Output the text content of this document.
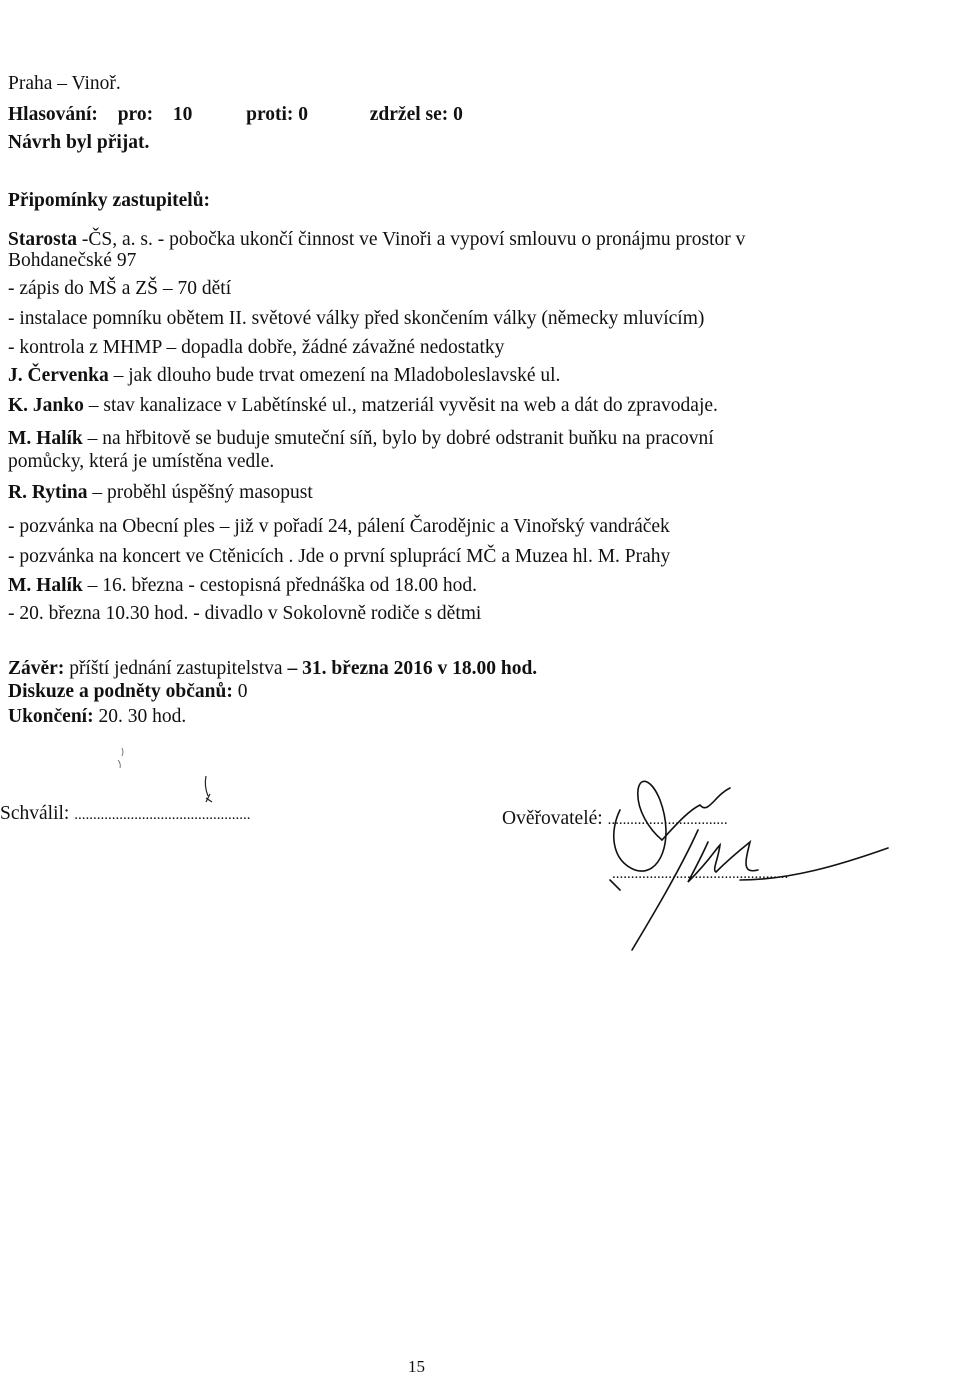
Praha – Vinoř.
Hlasování: pro: 10	proti: 0	zdržel se: 0
Návrh byl přijat.
Připomínky zastupitelů:
Starosta -ČS, a. s. - pobočka ukončí činnost ve Vinoři a vypoví smlouvu o pronájmu prostor v
Bohdanečské 97
- zápis do MŠ a ZŠ – 70 dětí
- instalace pomníku obětem II. světové války před skončením války (německy mluvícím)
- kontrola z MHMP – dopadla dobře, žádné závažné nedostatky
J. Červenka – jak dlouho bude trvat omezení na Mladoboleslavské ul.
K. Janko – stav kanalizace v Labětínské ul., matzeriál vyvěsit na web a dát do zpravodaje.
M. Halík – na hřbitově se buduje smuteční síň, bylo by dobré odstranit buňku na pracovní
pomůcky, která je umístěna vedle.
R. Rytina – proběhl úspěšný masopust
- pozvánka na Obecní ples – již v pořadí 24, pálení Čarodějnic a Vinořský vandráček
- pozvánka na koncert ve Ctěnicích . Jde o první spluprácí MČ a Muzea hl. M. Prahy
M. Halík – 16. března - cestopisná přednáška od 18.00 hod.
- 20. března 10.30 hod. - divadlo v Sokolovně rodiče s dětmi
Závěr: příští jednání zastupitelstva – 31. března 2016 v 18.00 hod.
Diskuze a podněty občanů: 0
Ukončení: 20. 30 hod.
Schválil: ...............................................	Ověřovatelé: ................................
...............................................
15
